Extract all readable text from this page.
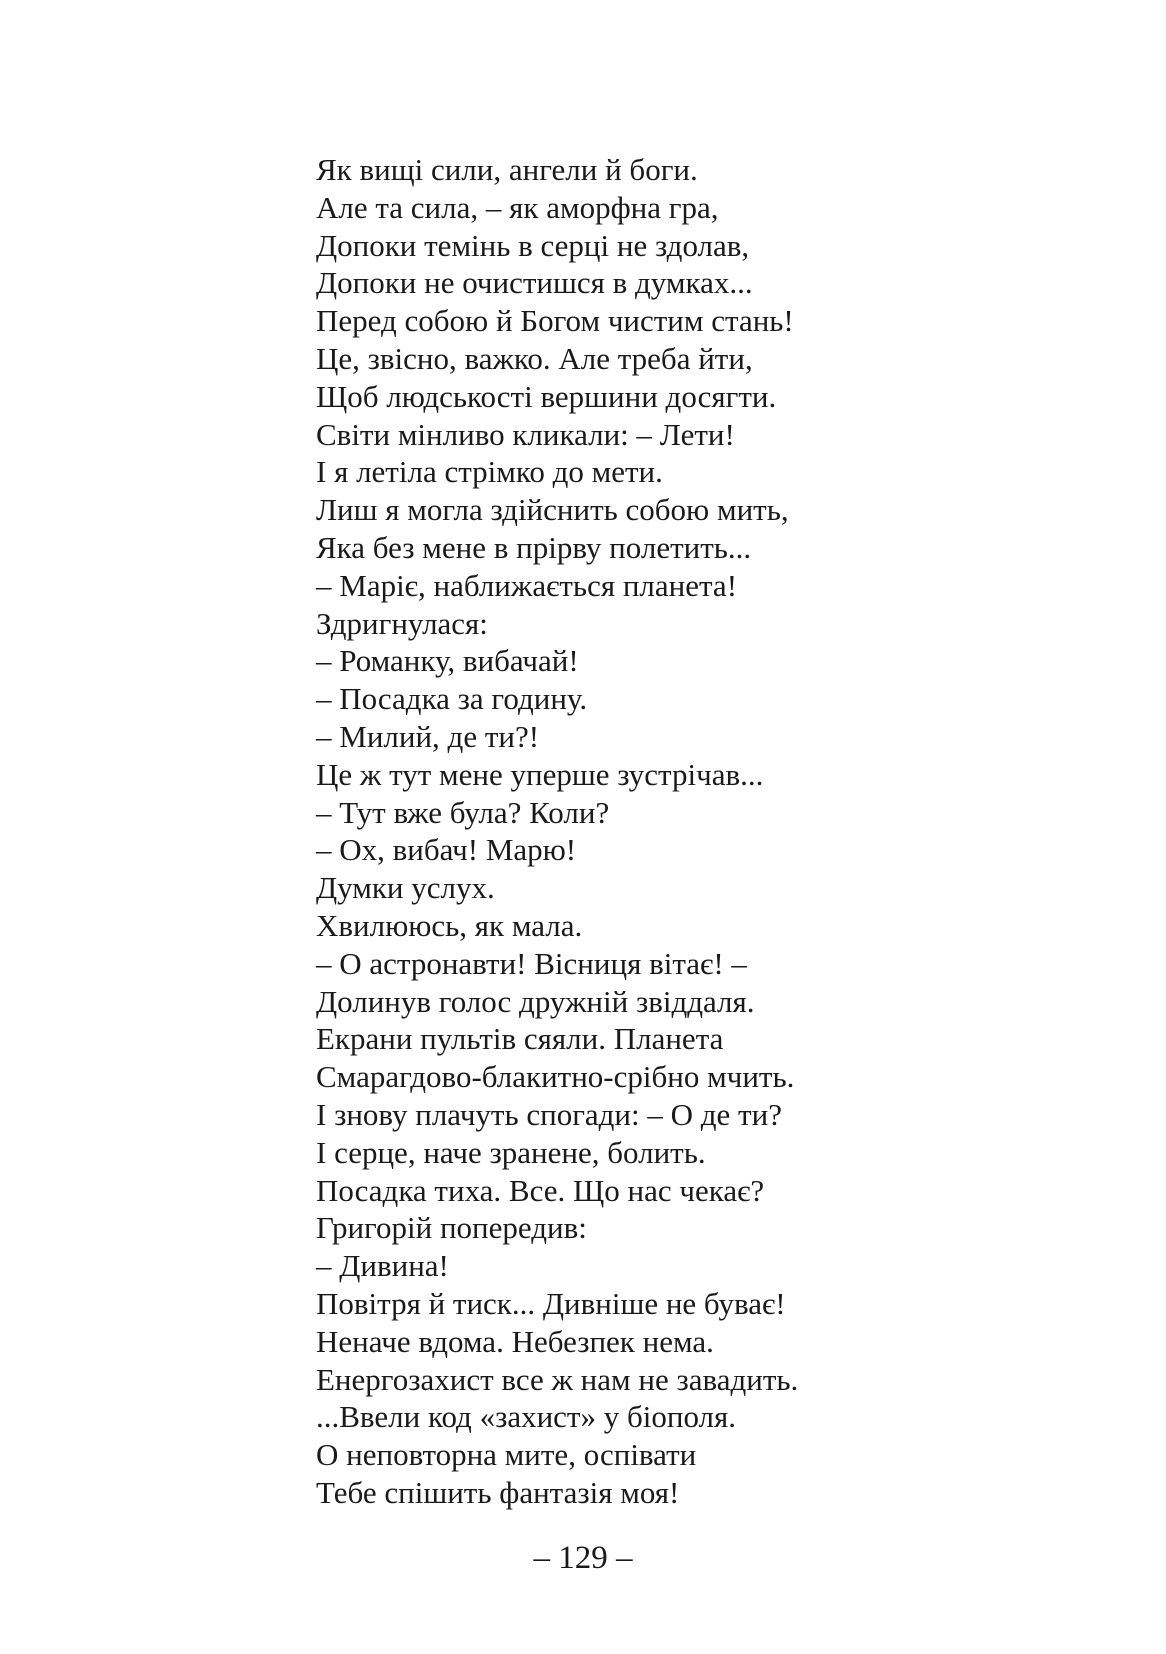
Як вищі сили, ангели й боги.
Але та сила, – як аморфна гра,
Допоки темінь в серці не здолав,
Допоки не очистишся в думках...
Перед собою й Богом чистим стань!
Це, звісно, важко. Але треба йти,
Щоб людськості вершини досягти.
Світи мінливо кликали: – Лети!
І я летіла стрімко до мети.
Лиш я могла здійснить собою мить,
Яка без мене в прірву полетить...
– Маріє, наближається планета!
Здригнулася:
– Романку, вибачай!
– Посадка за годину.
– Милий, де ти?!
Це ж тут мене уперше зустрічав...
– Тут вже була? Коли?
– Ох, вибач! Марю!
Думки услух.
Хвилююсь, як мала.
– О астронавти! Вісниця вітає! –
Долинув голос дружній звіддаля.
Екрани пультів сяяли. Планета
Смарагдово-блакитно-срібно мчить.
І знову плачуть спогади: – О де ти?
І серце, наче зранене, болить.
Посадка тиха. Все. Що нас чекає?
Григорій попередив:
– Дивина!
Повітря й тиск... Дивніше не буває!
Неначе вдома. Небезпек нема.
Енергозахист все ж нам не завадить.
...Ввели код «захист» у біополя.
О неповторна мите, оспівати
Тебе спішить фантазія моя!
– 129 –
